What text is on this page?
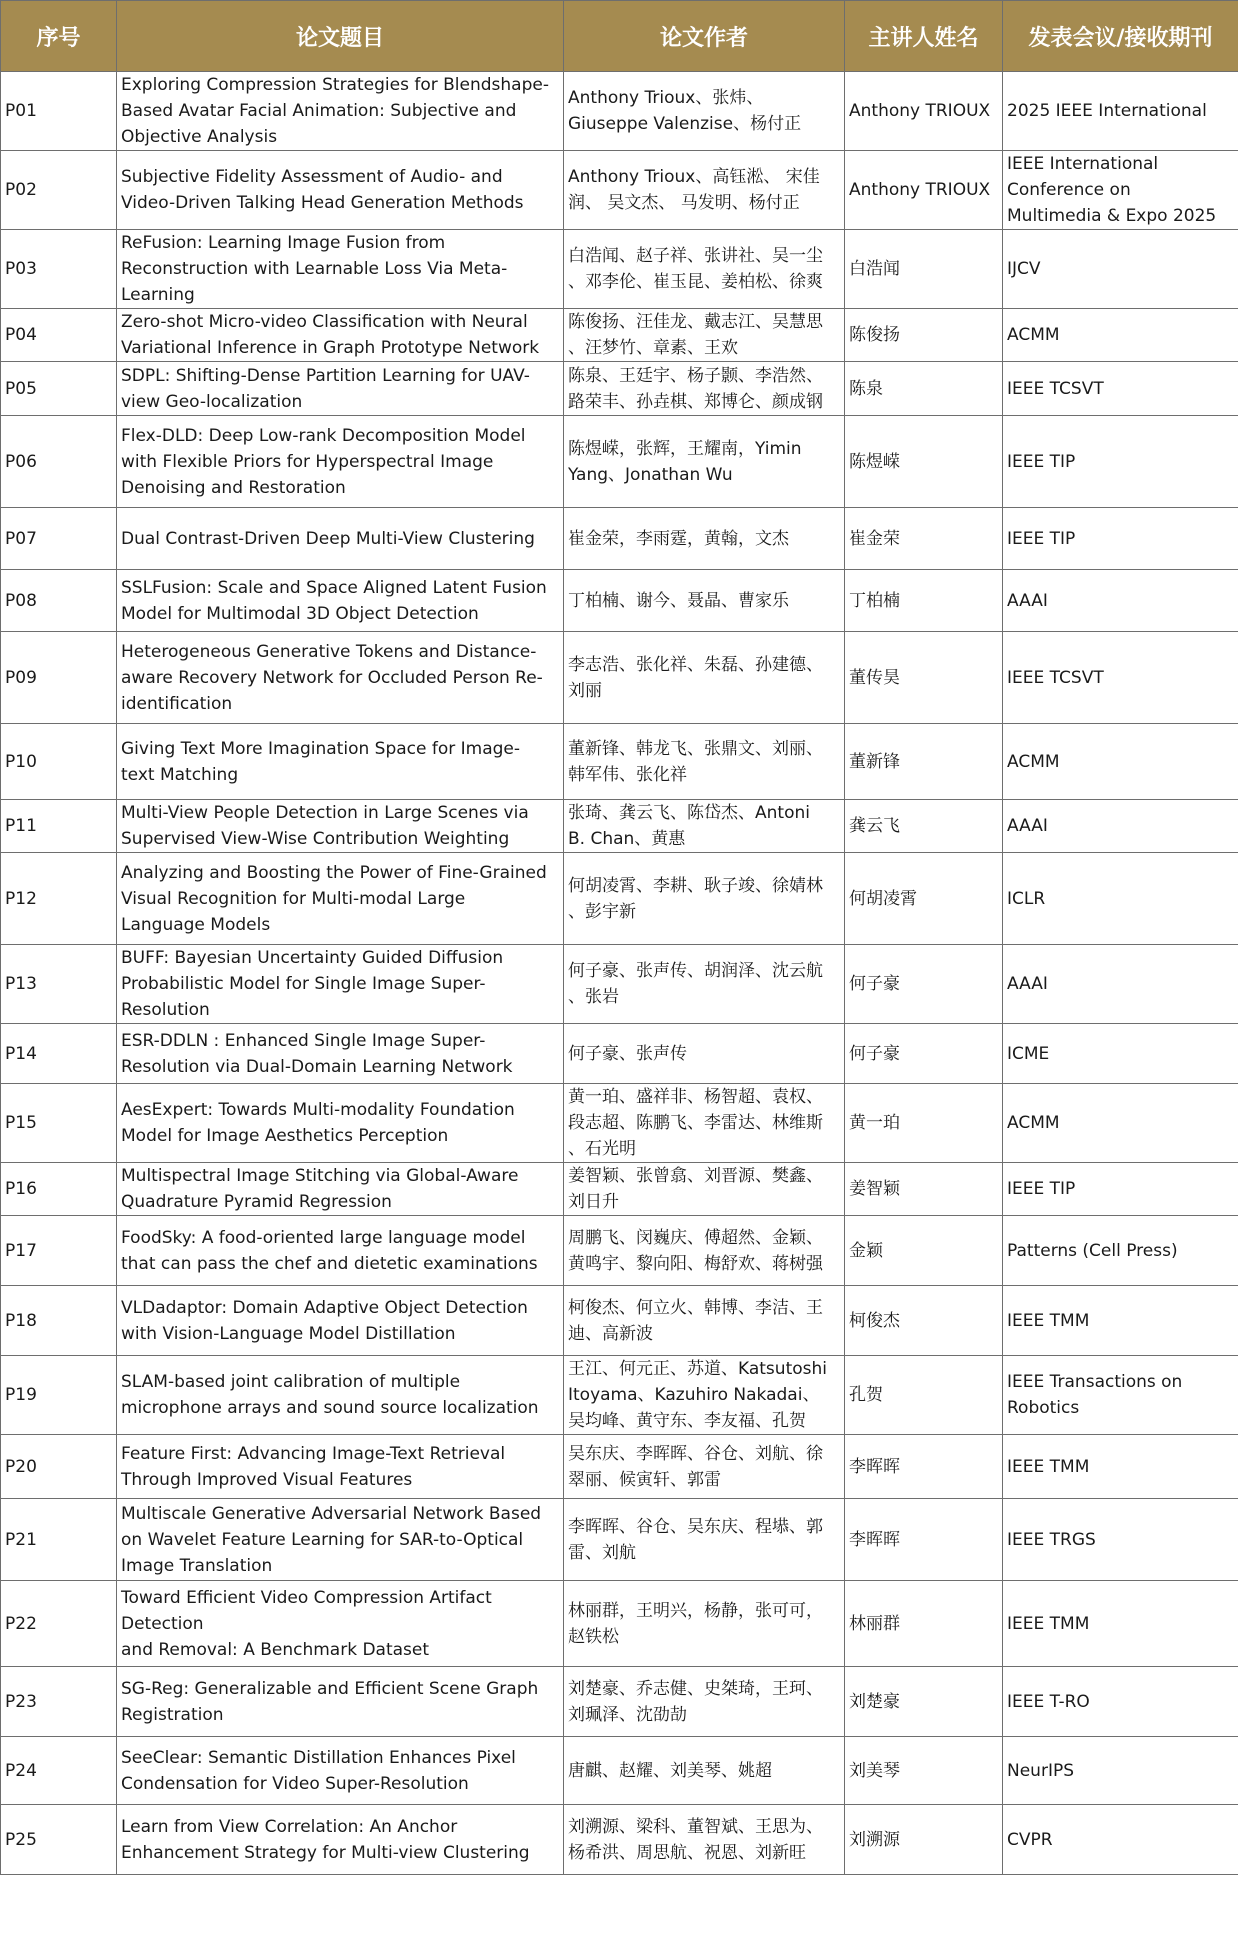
序号	论文题目	论文作者	主讲人姓名	发表会议/接收期刊
P01	Exploring Compression Strategies for Blendshape-
Based Avatar Facial Animation: Subjective and
Objective Analysis	Anthony Trioux、张炜、
Giuseppe Valenzise、杨付正	Anthony TRIOUX	2025 IEEE International
P02	Subjective Fidelity Assessment of Audio- and
Video-Driven Talking Head Generation Methods	Anthony Trioux、高钰淞、 宋佳
润、 吴文杰、 马发明、杨付正	Anthony TRIOUX	IEEE International
Conference on
Multimedia & Expo 2025
P03	ReFusion: Learning Image Fusion from
Reconstruction with Learnable Loss Via Meta-
Learning	白浩闻、赵子祥、张讲社、吴一尘
、邓李伦、崔玉昆、姜柏松、徐爽	白浩闻	IJCV
P04	Zero-shot Micro-video Classification with Neural
Variational Inference in Graph Prototype Network	陈俊扬、汪佳龙、戴志江、吴慧思
、汪梦竹、章素、王欢	陈俊扬	ACMM
P05	SDPL: Shifting-Dense Partition Learning for UAV-
view Geo-localization	陈泉、王廷宇、杨子颢、李浩然、
路荣丰、孙垚棋、郑博仑、颜成钢	陈泉	IEEE TCSVT
P06	Flex-DLD: Deep Low-rank Decomposition Model
with Flexible Priors for Hyperspectral Image
Denoising and Restoration	陈煜嵘，张辉，王耀南，Yimin
Yang、Jonathan Wu	陈煜嵘	IEEE TIP
P07	Dual Contrast-Driven Deep Multi-View Clustering	崔金荣，李雨霆，黄翰，文杰	崔金荣	IEEE TIP
P08	SSLFusion: Scale and Space Aligned Latent Fusion
Model for Multimodal 3D Object Detection	丁柏楠、谢今、聂晶、曹家乐	丁柏楠	AAAI
P09	Heterogeneous Generative Tokens and Distance-
aware Recovery Network for Occluded Person Re-
identification	李志浩、张化祥、朱磊、孙建德、
刘丽	董传昊	IEEE TCSVT
P10	Giving Text More Imagination Space for Image-
text Matching	董新锋、韩龙飞、张鼎文、刘丽、
韩军伟、张化祥	董新锋	ACMM
P11	Multi-View People Detection in Large Scenes via
Supervised View-Wise Contribution Weighting	张琦、龚云飞、陈岱杰、Antoni
B. Chan、黄惠	龚云飞	AAAI
P12	Analyzing and Boosting the Power of Fine-Grained
Visual Recognition for Multi-modal Large
Language Models	何胡凌霄、李耕、耿子竣、徐婧林
、彭宇新	何胡凌霄	ICLR
P13	BUFF: Bayesian Uncertainty Guided Diffusion
Probabilistic Model for Single Image Super-
Resolution	何子豪、张声传、胡润泽、沈云航
、张岩	何子豪	AAAI
P14	ESR-DDLN : Enhanced Single Image Super-
Resolution via Dual-Domain Learning Network	何子豪、张声传	何子豪	ICME
P15	AesExpert: Towards Multi-modality Foundation
Model for Image Aesthetics Perception	黄一珀、盛祥非、杨智超、袁权、
段志超、陈鹏飞、李雷达、林维斯
、石光明	黄一珀	ACMM
P16	Multispectral Image Stitching via Global-Aware
Quadrature Pyramid Regression	姜智颖、张曾翕、刘晋源、樊鑫、
刘日升	姜智颖	IEEE TIP
P17	FoodSky: A food-oriented large language model
that can pass the chef and dietetic examinations	周鹏飞、闵巍庆、傅超然、金颖、
黄鸣宇、黎向阳、梅舒欢、蒋树强	金颖	Patterns (Cell Press)
P18	VLDadaptor: Domain Adaptive Object Detection
with Vision-Language Model Distillation	柯俊杰、何立火、韩博、李洁、王
迪、高新波	柯俊杰	IEEE TMM
P19	SLAM-based joint calibration of multiple
microphone arrays and sound source localization	王江、何元正、苏道、Katsutoshi
Itoyama、Kazuhiro Nakadai、
吴均峰、黄守东、李友福、孔贺	孔贺	IEEE Transactions on
Robotics
P20	Feature First: Advancing Image-Text Retrieval
Through Improved Visual Features	吴东庆、李晖晖、谷仓、刘航、徐
翠丽、候寅轩、郭雷	李晖晖	IEEE TMM
P21	Multiscale Generative Adversarial Network Based
on Wavelet Feature Learning for SAR-to-Optical
Image Translation	李晖晖、谷仓、吴东庆、程塨、郭
雷、刘航	李晖晖	IEEE TRGS
P22	Toward Efficient Video Compression Artifact
Detection
and Removal: A Benchmark Dataset	林丽群，王明兴，杨静，张可可，
赵铁松	林丽群	IEEE TMM
P23	SG-Reg: Generalizable and Efficient Scene Graph
Registration	刘楚豪、乔志健、史桀琦，王珂、
刘珮泽、沈劭劼	刘楚豪	IEEE T-RO
P24	SeeClear: Semantic Distillation Enhances Pixel
Condensation for Video Super-Resolution	唐麒、赵耀、刘美琴、姚超	刘美琴	NeurIPS
P25	Learn from View Correlation: An Anchor
Enhancement Strategy for Multi-view Clustering	刘溯源、梁科、董智斌、王思为、
杨希洪、周思航、祝恩、刘新旺	刘溯源	CVPR
